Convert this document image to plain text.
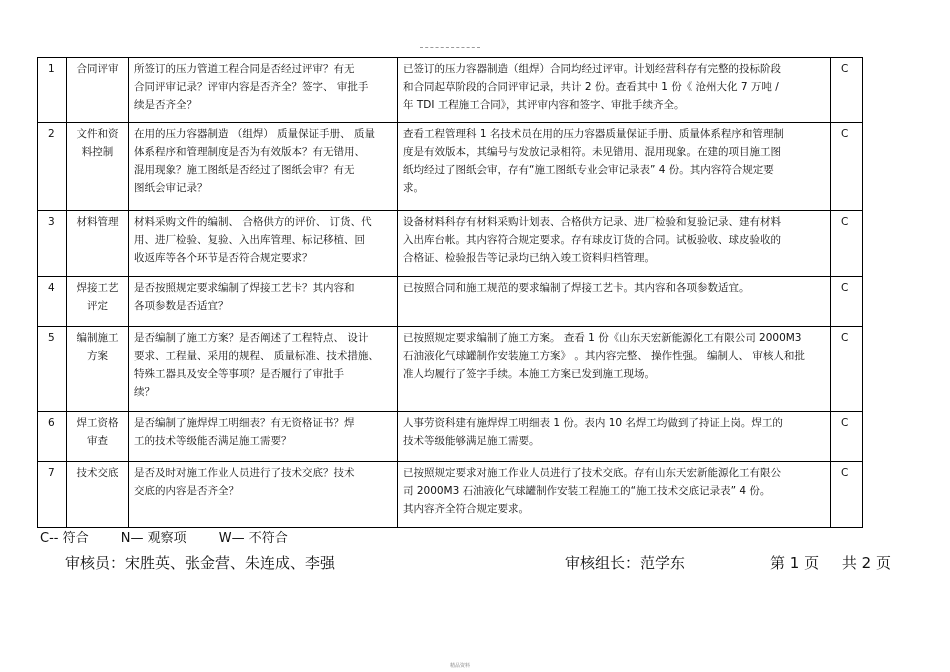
1	合同评审	所签订的压力管道工程合同是否经过评审？有无
合同评审记录？评审内容是否齐全？签字、 审批手
续是否齐全？	已签订的压力容器制造（组焊）合同均经过评审。计划经营科存有完整的投标阶段
和合同起草阶段的合同评审记录，共计 2 份。查看其中 1 份《 沧州大化 7 万吨 /
年 TDI 工程施工合同》，其评审内容和签字、审批手续齐全。	C
2	文件和资料控制	在用的压力容器制造 （组焊） 质量保证手册、 质量
体系程序和管理制度是否为有效版本？有无错用、
混用现象？施工图纸是否经过了图纸会审？有无
图纸会审记录？	查看工程管理科 1 名技术员在用的压力容器质量保证手册、质量体系程序和管理制
度是有效版本，其编号与发放记录相符。未见错用、混用现象。在建的项目施工图
纸均经过了图纸会审，存有“施工图纸专业会审记录表” 4 份。其内容符合规定要
求。	C
3	材料管理	材料采购文件的编制、 合格供方的评价、 订货、代
用、进厂检验、复验、入出库管理、标记移植、回
收返库等各个环节是否符合规定要求？	设备材料科存有材料采购计划表、合格供方记录、进厂检验和复验记录、建有材料
入出库台帐。其内容符合规定要求。存有球皮订货的合同。试板验收、球皮验收的
合格证、检验报告等记录均已纳入竣工资料归档管理。	C
4	焊接工艺评定	是否按照规定要求编制了焊接工艺卡？其内容和
各项参数是否适宜？	已按照合同和施工规范的要求编制了焊接工艺卡。其内容和各项参数适宜。	C
5	编制施工方案	是否编制了施工方案？是否阐述了工程特点、 设计
要求、工程量、采用的规程、 质量标准、技术措施、
特殊工器具及安全等事项？是否履行了审批手
续？	已按照规定要求编制了施工方案。 查看 1 份《山东天宏新能源化工有限公司 2000M3
石油液化气球罐制作安装施工方案》 。其内容完整、 操作性强。 编制人、 审核人和批
准人均履行了签字手续。本施工方案已发到施工现场。	C
6	焊工资格审查	是否编制了施焊焊工明细表？有无资格证书？焊
工的技术等级能否满足施工需要？	人事劳资科建有施焊焊工明细表 1 份。表内 10 名焊工均做到了持证上岗。焊工的
技术等级能够满足施工需要。	C
7	技术交底	是否及时对施工作业人员进行了技术交底？技术
交底的内容是否齐全？	已按照规定要求对施工作业人员进行了技术交底。存有山东天宏新能源化工有限公
司 2000M3 石油液化气球罐制作安装工程施工的“施工技术交底记录表” 4 份。
其内容齐全符合规定要求。	C
C-- 符合 N— 观察项 W— 不符合
审核员：宋胜英、张金营、朱连成、李强	审核组长：范学东	第 1 页 共 2 页
精品资料
